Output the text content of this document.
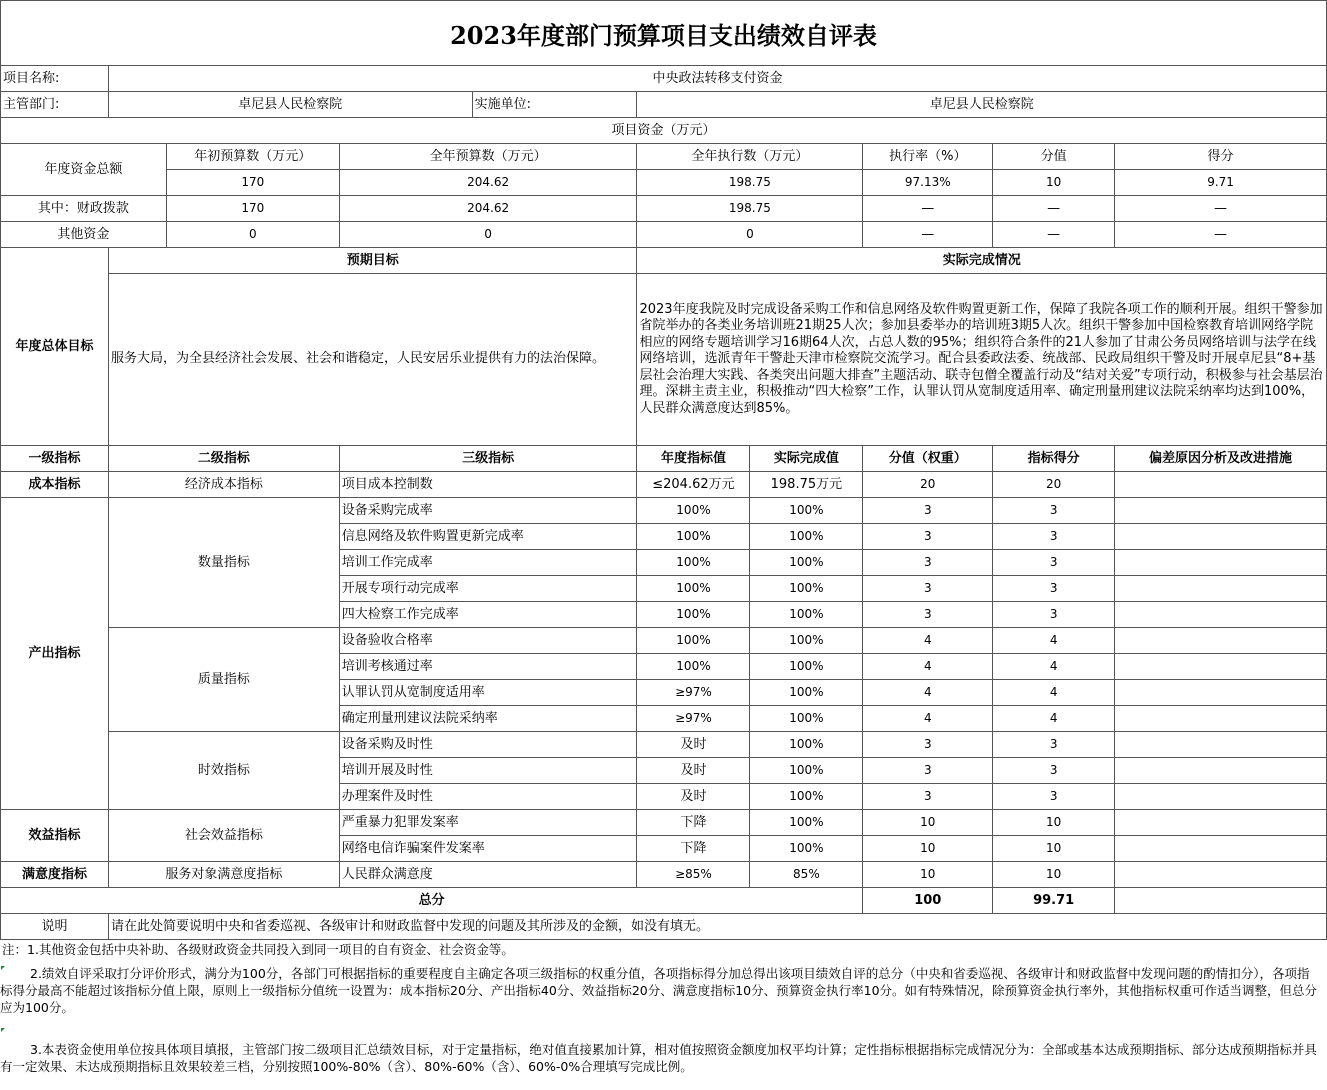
2023年度部门预算项目支出绩效自评表
项目名称:	中央政法转移支付资金								
主管部门:	卓尼县人民检察院			实施单位:	卓尼县人民检察院				
项目资金（万元）									
年度资金总额		年初预算数（万元）	全年预算数（万元）		全年执行数（万元）		执行率（%）	分值	得分
		170	204.62		198.75		97.13%	10	9.71
其中：财政拨款		170	204.62		198.75		—	—	—
其他资金		0	0		0		—	—	—
年度总体目标	预期目标				实际完成情况				
	服务大局，为全县经济社会发展、社会和谐稳定，人民安居乐业提供有力的法治保障。				2023年度我院及时完成设备采购工作和信息网络及软件购置更新工作，保障了我院各项工作的顺利开展。组织干警参加省院举办的各类业务培训班21期25人次；参加县委举办的培训班3期5人次。组织干警参加中国检察教育培训网络学院相应的网络专题培训学习16期64人次，占总人数的95%；组织符合条件的21人参加了甘肃公务员网络培训与法学在线网络培训，选派青年干警赴天津市检察院交流学习。配合县委政法委、统战部、民政局组织干警及时开展卓尼县“8+基层社会治理大实践、各类突出问题大排查”主题活动、联寺包僧全覆盖行动及“结对关爱”专项行动，积极参与社会基层治理。深耕主责主业，积极推动“四大检察”工作，认罪认罚从宽制度适用率、确定刑量刑建议法院采纳率均达到100%，人民群众满意度达到85%。				
一级指标	二级指标		三级指标		年度指标值	实际完成值	分值（权重）	指标得分	偏差原因分析及改进措施
成本指标	经济成本指标		项目成本控制数		≤204.62万元	198.75万元	20	20	
产出指标	数量指标		设备采购完成率		100%	100%	3	3	
			信息网络及软件购置更新完成率		100%	100%	3	3	
			培训工作完成率		100%	100%	3	3	
			开展专项行动完成率		100%	100%	3	3	
			四大检察工作完成率		100%	100%	3	3	
	质量指标		设备验收合格率		100%	100%	4	4	
			培训考核通过率		100%	100%	4	4	
			认罪认罚从宽制度适用率		≥97%	100%	4	4	
			确定刑量刑建议法院采纳率		≥97%	100%	4	4	
	时效指标		设备采购及时性		及时	100%	3	3	
			培训开展及时性		及时	100%	3	3	
			办理案件及时性		及时	100%	3	3	
效益指标	社会效益指标		严重暴力犯罪发案率		下降	100%	10	10	
			网络电信诈骗案件发案率		下降	100%	10	10	
满意度指标	服务对象满意度指标		人民群众满意度		≥85%	85%	10	10	
总分							100	99.71	
说明	请在此处简要说明中央和省委巡视、各级审计和财政监督中发现的问题及其所涉及的金额，如没有填无。								
注：1.其他资金包括中央补助、各级财政资金共同投入到同一项目的自有资金、社会资金等。
2.绩效自评采取打分评价形式，满分为100分，各部门可根据指标的重要程度自主确定各项三级指标的权重分值，各项指标得分加总得出该项目绩效自评的总分（中央和省委巡视、各级审计和财政监督中发现问题的酌情扣分），各项指标得分最高不能超过该指标分值上限，原则上一级指标分值统一设置为：成本指标20分、产出指标40分、效益指标20分、满意度指标10分、预算资金执行率10分。如有特殊情况，除预算资金执行率外，其他指标权重可作适当调整，但总分应为100分。
3.本表资金使用单位按具体项目填报，主管部门按二级项目汇总绩效目标，对于定量指标，绝对值直接累加计算，相对值按照资金额度加权平均计算；定性指标根据指标完成情况分为：全部或基本达成预期指标、部分达成预期指标并具有一定效果、未达成预期指标且效果较差三档，分别按照100%-80%（含）、80%-60%（含）、60%-0%合理填写完成比例。
